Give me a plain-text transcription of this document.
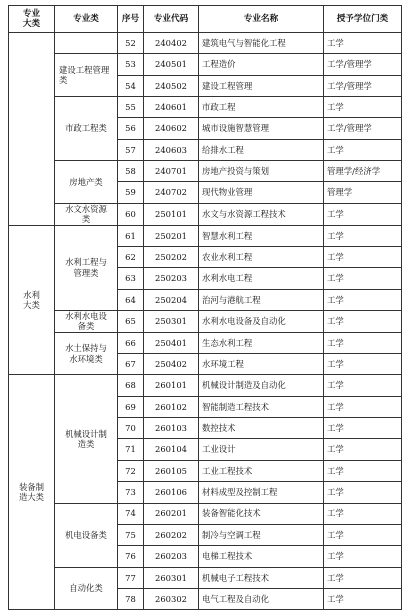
专业大类	专业类	序号	专业代码	专业名称	授予学位门类
		52	240402	建筑电气与智能化工程	工学
	建设工程管理类	53	240501	工程造价	工学/管理学
		54	240502	建设工程管理	工学/管理学
	市政工程类	55	240601	市政工程	工学
		56	240602	城市设施智慧管理	工学/管理学
		57	240603	给排水工程	工学
	房地产类	58	240701	房地产投资与策划	管理学/经济学
		59	240702	现代物业管理	管理学
	水文水资源类	60	250101	水文与水资源工程技术	工学
水利大类	水利工程与管理类	61	250201	智慧水利工程	工学
		62	250202	农业水利工程	工学
		63	250203	水利水电工程	工学
		64	250204	治河与港航工程	工学
	水利水电设备类	65	250301	水利水电设备及自动化	工学
	水土保持与水环境类	66	250401	生态水利工程	工学
		67	250402	水环境工程	工学
装备制造大类	机械设计制造类	68	260101	机械设计制造及自动化	工学
		69	260102	智能制造工程技术	工学
		70	260103	数控技术	工学
		71	260104	工业设计	工学
		72	260105	工业工程技术	工学
		73	260106	材料成型及控制工程	工学
	机电设备类	74	260201	装备智能化技术	工学
		75	260202	制冷与空调工程	工学
		76	260203	电梯工程技术	工学
	自动化类	77	260301	机械电子工程技术	工学
		78	260302	电气工程及自动化	工学
